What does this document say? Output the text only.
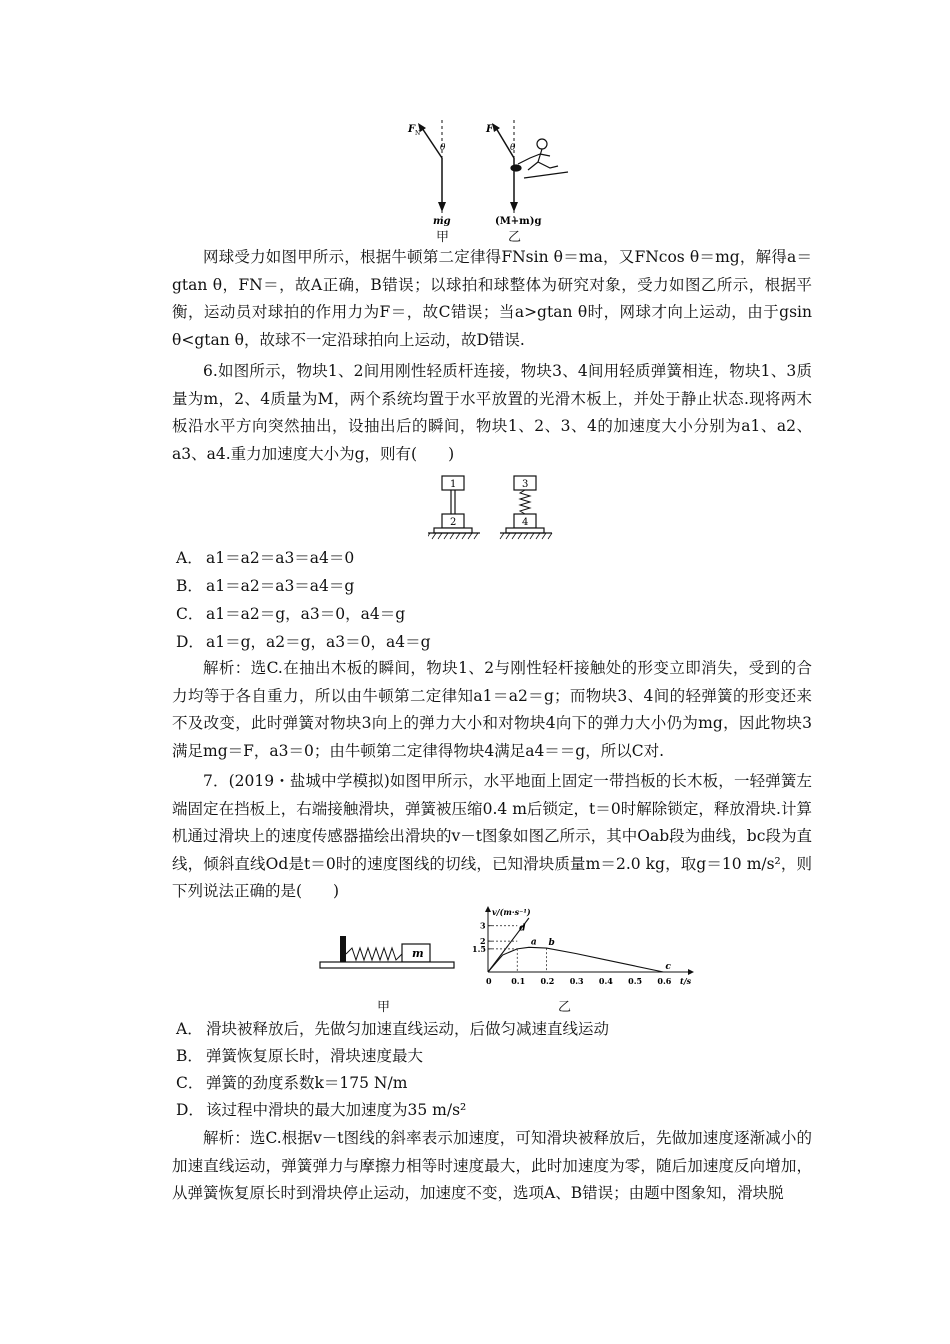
F N
θ
mg
F
θ
(M+m)g
甲	乙

网球受力如图甲所示，根据牛顿第二定律得FNsin θ＝ma，又FNcos θ＝mg，解得a＝gtan θ，FN＝，故A正确，B错误；以球拍和球整体为研究对象，受力如图乙所示，根据平衡，运动员对球拍的作用力为F＝，故C错误；当a>gtan θ时，网球才向上运动，由于gsin θ<gtan θ，故球不一定沿球拍向上运动，故D错误.

6.如图所示，物块1、2间用刚性轻质杆连接，物块3、4间用轻质弹簧相连，物块1、3质量为m，2、4质量为M，两个系统均置于水平放置的光滑木板上，并处于静止状态.现将两木板沿水平方向突然抽出，设抽出后的瞬间，物块1、2、3、4的加速度大小分别为a1、a2、a3、a4.重力加速度大小为g，则有(　　)

1
2
3
4
A． a1＝a2＝a3＝a4＝0
B． a1＝a2＝a3＝a4＝g
C． a1＝a2＝g，a3＝0，a4＝g
D． a1＝g，a2＝g，a3＝0，a4＝g

解析：选C.在抽出木板的瞬间，物块1、2与刚性轻杆接触处的形变立即消失，受到的合力均等于各自重力，所以由牛顿第二定律知a1＝a2＝g；而物块3、4间的轻弹簧的形变还来不及改变，此时弹簧对物块3向上的弹力大小和对物块4向下的弹力大小仍为mg，因此物块3满足mg＝F，a3＝0；由牛顿第二定律得物块4满足a4＝＝g，所以C对.

7．(2019・盐城中学模拟)如图甲所示，水平地面上固定一带挡板的长木板，一轻弹簧左端固定在挡板上，右端接触滑块，弹簧被压缩0.4 m后锁定，t＝0时解除锁定，释放滑块.计算机通过滑块上的速度传感器描绘出滑块的v－t图象如图乙所示，其中Oab段为曲线，bc段为直线，倾斜直线Od是t＝0时的速度图线的切线，已知滑块质量m＝2.0 kg，取g＝10 m/s²，则下列说法正确的是(　　)

m
甲
v/(m·s⁻¹)
t/s
0 0.1 0.2 0.3 0.4 0.5 0.6
1.5
2
3
a b
c
d
乙
A． 滑块被释放后，先做匀加速直线运动，后做匀减速直线运动
B． 弹簧恢复原长时，滑块速度最大
C． 弹簧的劲度系数k＝175 N/m
D． 该过程中滑块的最大加速度为35 m/s²

解析：选C.根据v－t图线的斜率表示加速度，可知滑块被释放后，先做加速度逐渐减小的加速直线运动，弹簧弹力与摩擦力相等时速度最大，此时加速度为零，随后加速度反向增加，从弹簧恢复原长时到滑块停止运动，加速度不变，选项A、B错误；由题中图象知，滑块脱
